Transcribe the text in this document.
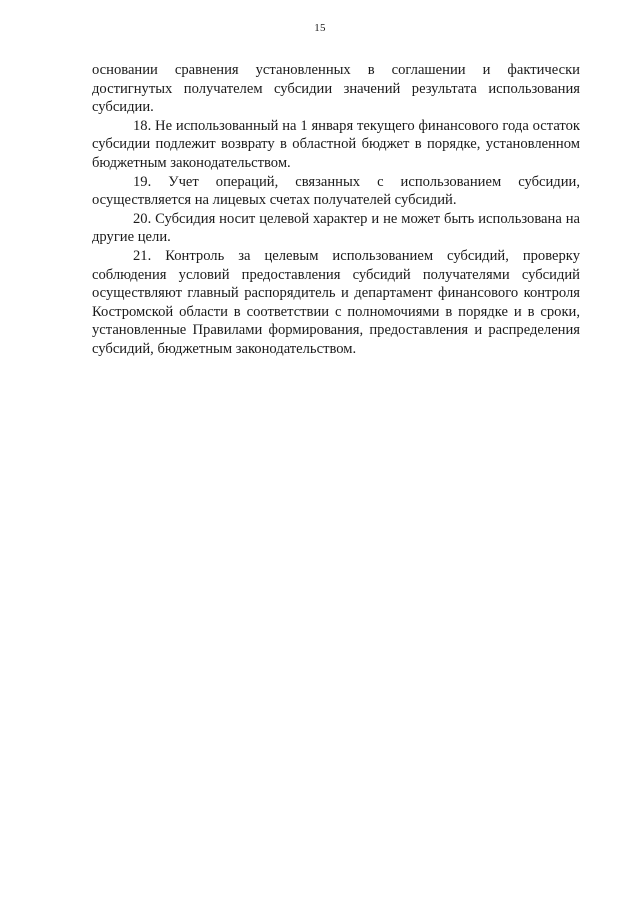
15

основании сравнения установленных в соглашении и фактически достигнутых получателем субсидии значений результата использования субсидии.

18. Не использованный на 1 января текущего финансового года остаток субсидии подлежит возврату в областной бюджет в порядке, установленном бюджетным законодательством.

19. Учет операций, связанных с использованием субсидии, осуществляется на лицевых счетах получателей субсидий.

20. Субсидия носит целевой характер и не может быть использована на другие цели.

21. Контроль за целевым использованием субсидий, проверку соблюдения условий предоставления субсидий получателями субсидий осуществляют главный распорядитель и департамент финансового контроля Костромской области в соответствии с полномочиями в порядке и в сроки, установленные Правилами формирования, предоставления и распределения субсидий, бюджетным законодательством.
